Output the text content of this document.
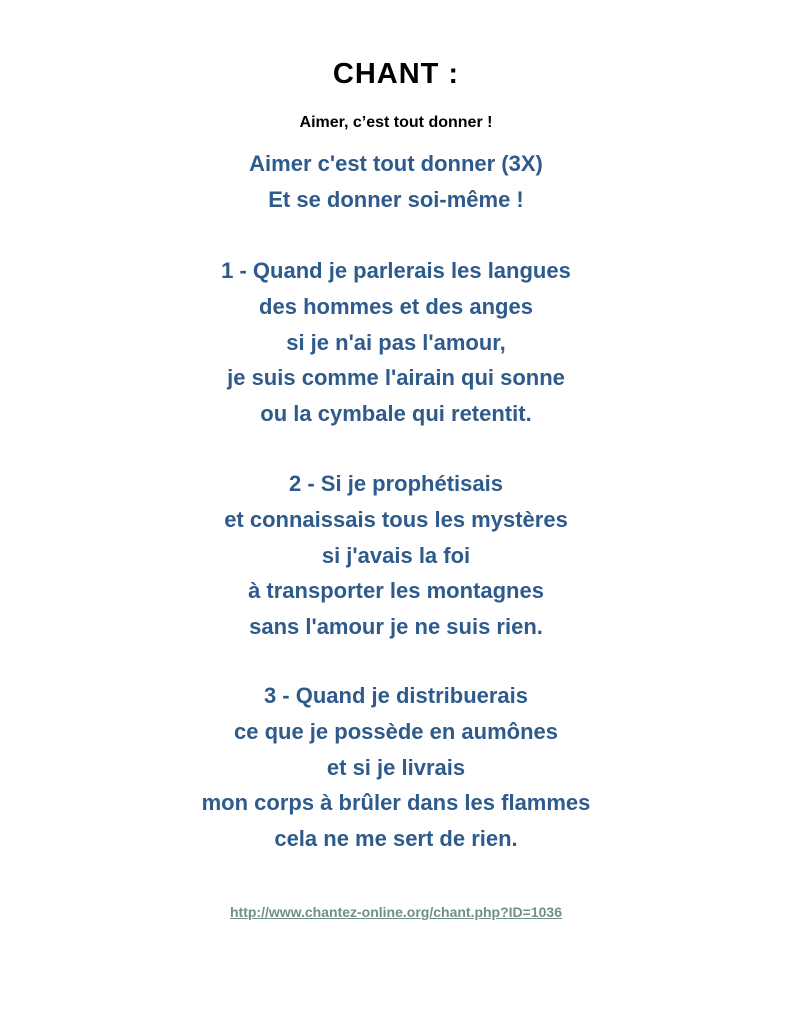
CHANT :
Aimer, c’est tout donner !
Aimer c'est tout donner (3X)
Et se donner soi-même !
1 - Quand je parlerais les langues
des hommes et des anges
si je n'ai pas l'amour,
je suis comme l'airain qui sonne
ou la cymbale qui retentit.
2 - Si je prophétisais
et connaissais tous les mystères
si j'avais la foi
à transporter les montagnes
sans l'amour je ne suis rien.
3 - Quand je distribuerais
ce que je possède en aumônes
et si je livrais
mon corps à brûler dans les flammes
cela ne me sert de rien.
http://www.chantez-online.org/chant.php?ID=1036
